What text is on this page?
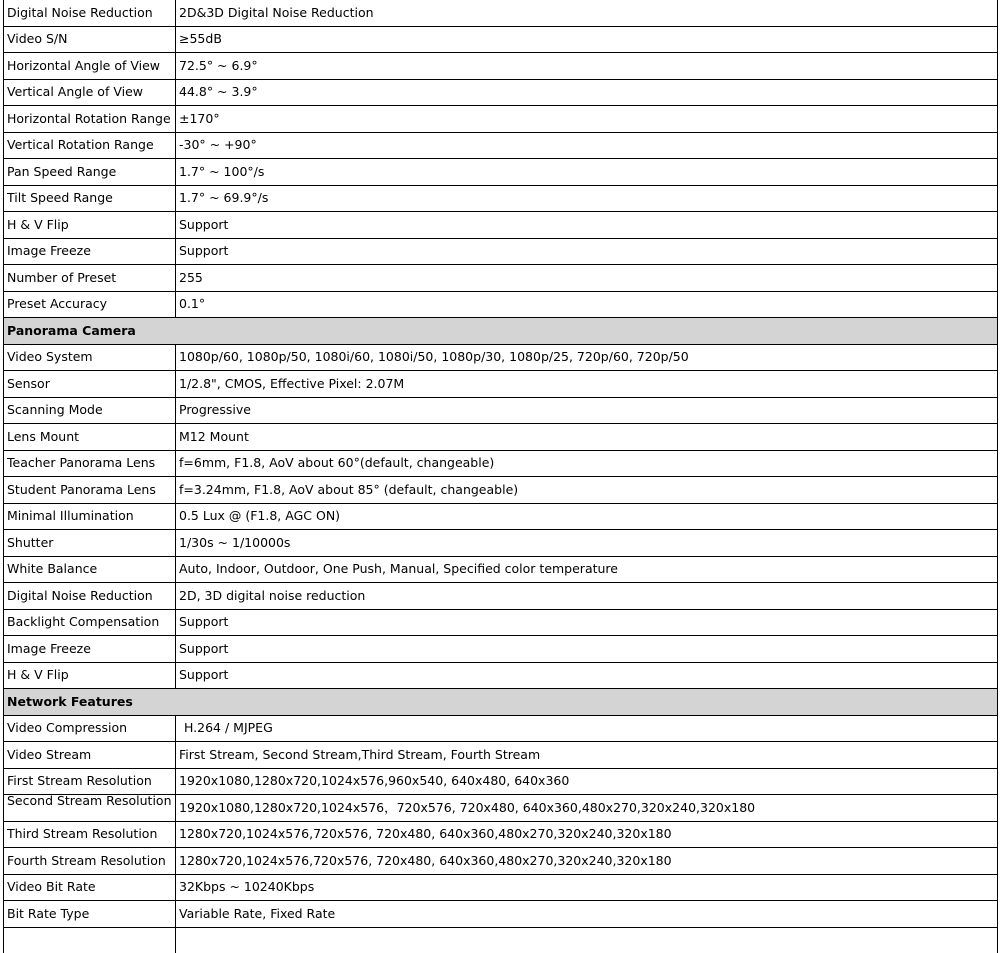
Digital Noise Reduction	2D&3D Digital Noise Reduction
Video S/N	≥55dB
Horizontal Angle of View	72.5° ~ 6.9°
Vertical Angle of View	44.8° ~ 3.9°
Horizontal Rotation Range	±170°
Vertical Rotation Range	-30° ~ +90°
Pan Speed Range	1.7° ~ 100°/s
Tilt Speed Range	1.7° ~ 69.9°/s
H & V Flip	Support
Image Freeze	Support
Number of Preset	255
Preset Accuracy	0.1°
Panorama Camera	
Video System	1080p/60, 1080p/50, 1080i/60, 1080i/50, 1080p/30, 1080p/25, 720p/60, 720p/50
Sensor	1/2.8", CMOS, Effective Pixel: 2.07M
Scanning Mode	Progressive
Lens Mount	M12 Mount
Teacher Panorama Lens	f=6mm, F1.8, AoV about 60°(default, changeable)
Student Panorama Lens	f=3.24mm, F1.8, AoV about 85° (default, changeable)
Minimal Illumination	0.5 Lux @ (F1.8, AGC ON)
Shutter	1/30s ~ 1/10000s
White Balance	Auto, Indoor, Outdoor, One Push, Manual, Specified color temperature
Digital Noise Reduction	2D, 3D digital noise reduction
Backlight Compensation	Support
Image Freeze	Support
H & V Flip	Support
Network Features	
Video Compression	H.264 / MJPEG
Video Stream	First Stream, Second Stream,Third Stream, Fourth Stream
First Stream Resolution	1920x1080,1280x720,1024x576,960x540, 640x480, 640x360
Second Stream Resolution	1920x1080,1280x720,1024x576，720x576, 720x480, 640x360,480x270,320x240,320x180
Third Stream Resolution	1280x720,1024x576,720x576, 720x480, 640x360,480x270,320x240,320x180
Fourth Stream Resolution	1280x720,1024x576,720x576, 720x480, 640x360,480x270,320x240,320x180
Video Bit Rate	32Kbps ~ 10240Kbps
Bit Rate Type	Variable Rate, Fixed Rate
